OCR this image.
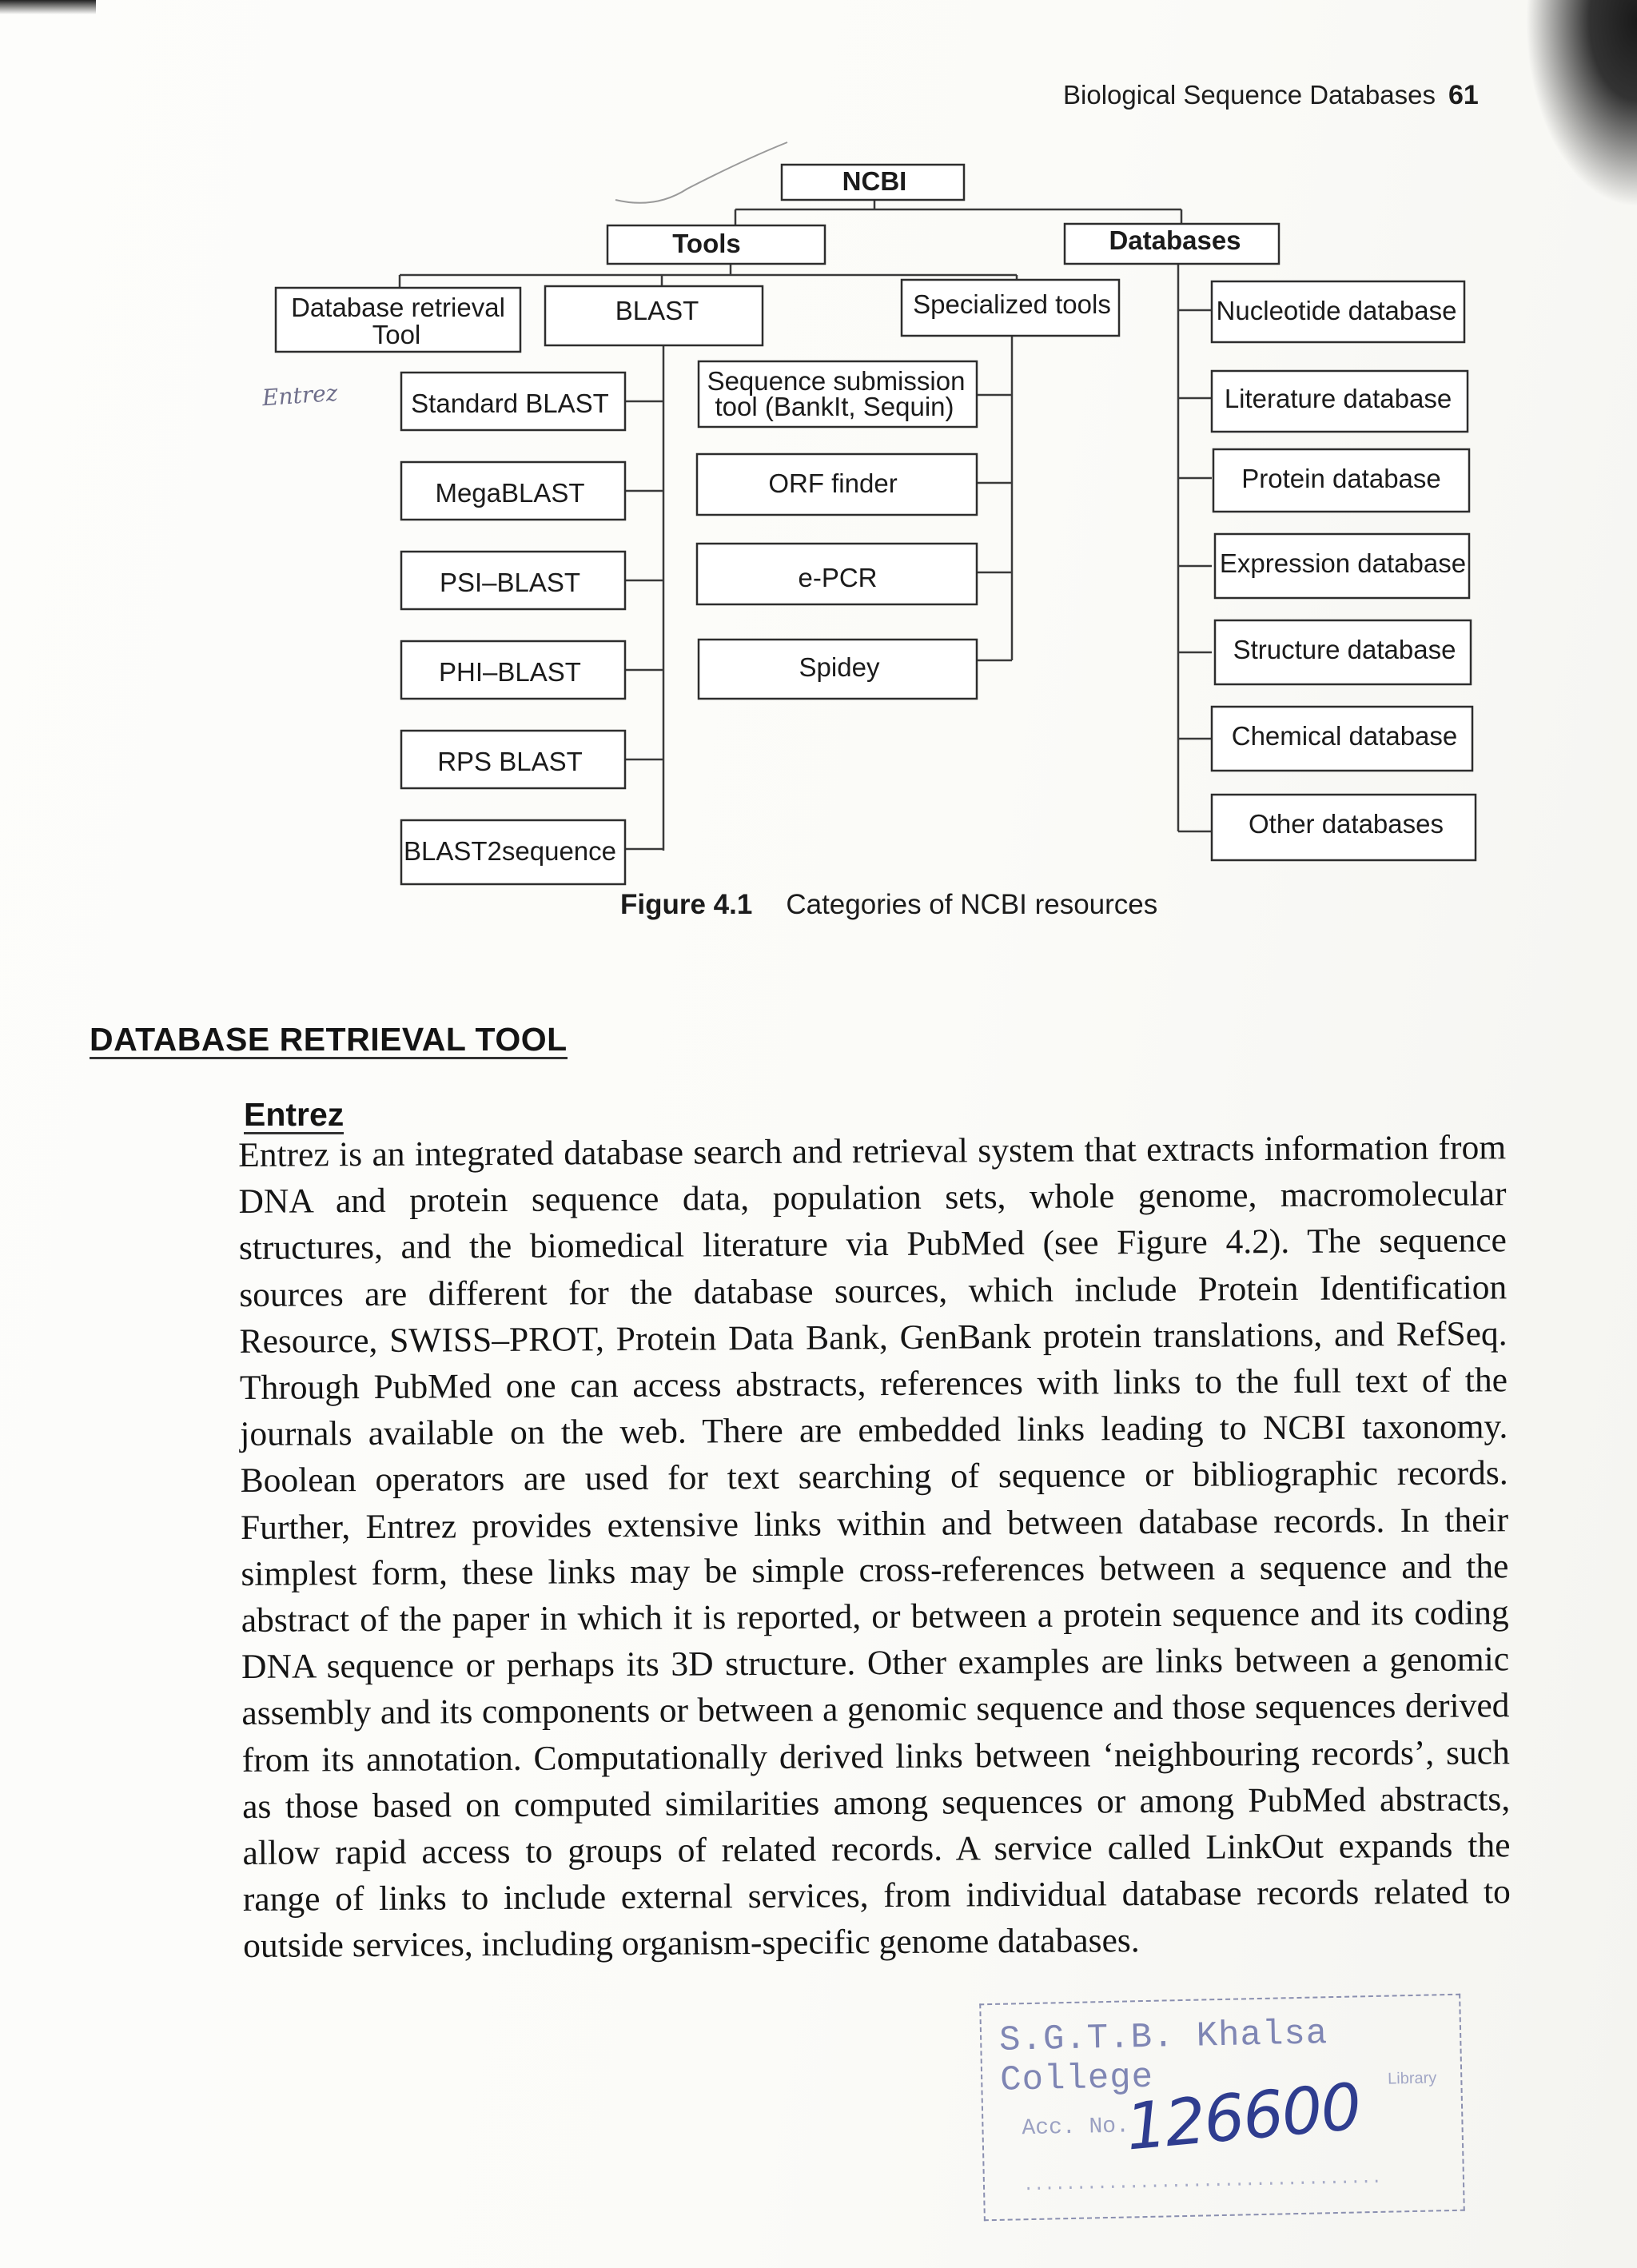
Biological Sequence Databases 61
NCBI
Tools	Databases
Database retrieval
Tool
BLAST	Specialized tools
Standard BLAST
MegaBLAST
PSI–BLAST
PHI–BLAST
RPS BLAST
BLAST2sequence
Sequence submission
tool (BankIt, Sequin)
ORF finder
e-PCR
Spidey
Nucleotide database
Literature database
Protein database
Expression database
Structure database
Chemical database
Other databases
Entrez
Figure 4.1 Categories of NCBI resources
DATABASE RETRIEVAL TOOL
Entrez
Entrez is an integrated database search and retrieval system that extracts information from DNA and protein sequence data, population sets, whole genome, macromolecular structures, and the biomedical literature via PubMed (see Figure 4.2). The sequence sources are different for the database sources, which include Protein Identification Resource, SWISS–PROT, Protein Data Bank, GenBank protein translations, and RefSeq. Through PubMed one can access abstracts, references with links to the full text of the journals available on the web. There are embedded links leading to NCBI taxonomy. Boolean operators are used for text searching of sequence or bibliographic records. Further, Entrez provides extensive links within and between database records. In their simplest form, these links may be simple cross-references between a sequence and the abstract of the paper in which it is reported, or between a protein sequence and its coding DNA sequence or perhaps its 3D structure. Other examples are links between a genomic assembly and its components or between a genomic sequence and those sequences derived from its annotation. Computationally derived links between ‘neighbouring records’, such as those based on computed similarities among sequences or among PubMed abstracts, allow rapid access to groups of related records. A service called LinkOut expands the range of links to include external services, from individual database records related to outside services, including organism-specific genome databases.
S.G.T.B. Khalsa College	Library
Acc. No.
126600
..................................
